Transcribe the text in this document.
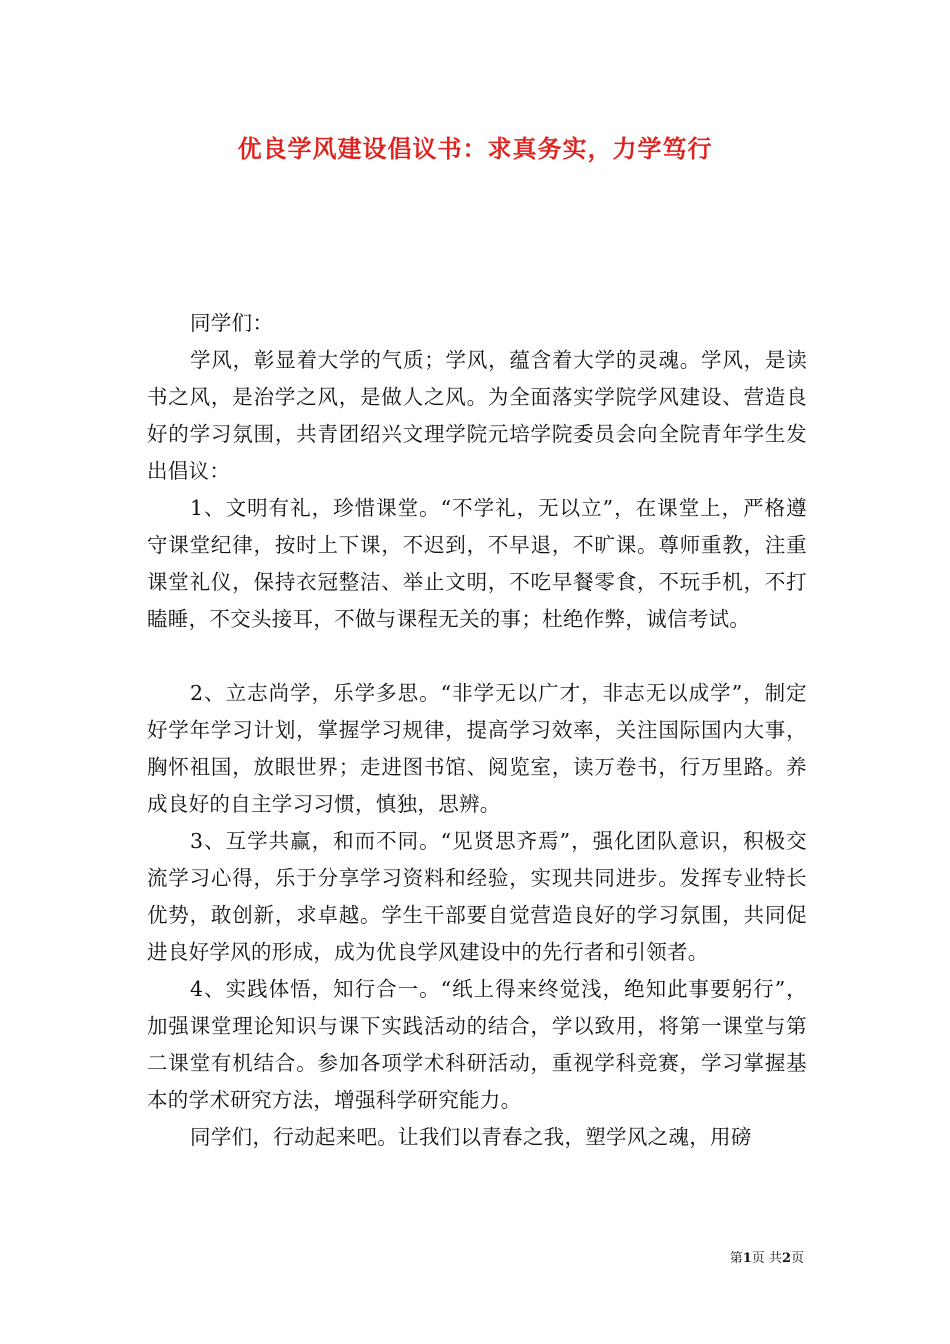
优良学风建设倡议书：求真务实，力学笃行

同学们：

学风，彰显着大学的气质；学风，蕴含着大学的灵魂。学风，是读书之风，是治学之风，是做人之风。为全面落实学院学风建设、营造良好的学习氛围，共青团绍兴文理学院元培学院委员会向全院青年学生发出倡议：

1、文明有礼，珍惜课堂。“不学礼，无以立”，在课堂上，严格遵守课堂纪律，按时上下课，不迟到，不早退，不旷课。尊师重教，注重课堂礼仪，保持衣冠整洁、举止文明，不吃早餐零食，不玩手机，不打瞌睡，不交头接耳，不做与课程无关的事；杜绝作弊，诚信考试。

2、立志尚学，乐学多思。“非学无以广才，非志无以成学”，制定好学年学习计划，掌握学习规律，提高学习效率，关注国际国内大事，胸怀祖国，放眼世界；走进图书馆、阅览室，读万卷书，行万里路。养成良好的自主学习习惯，慎独，思辨。

3、互学共赢，和而不同。“见贤思齐焉”，强化团队意识，积极交流学习心得，乐于分享学习资料和经验，实现共同进步。发挥专业特长优势，敢创新，求卓越。学生干部要自觉营造良好的学习氛围，共同促进良好学风的形成，成为优良学风建设中的先行者和引领者。

4、实践体悟，知行合一。“纸上得来终觉浅，绝知此事要躬行”，加强课堂理论知识与课下实践活动的结合，学以致用，将第一课堂与第二课堂有机结合。参加各项学术科研活动，重视学科竞赛，学习掌握基本的学术研究方法，增强科学研究能力。

同学们，行动起来吧。让我们以青春之我，塑学风之魂，用磅

第1页 共2页
